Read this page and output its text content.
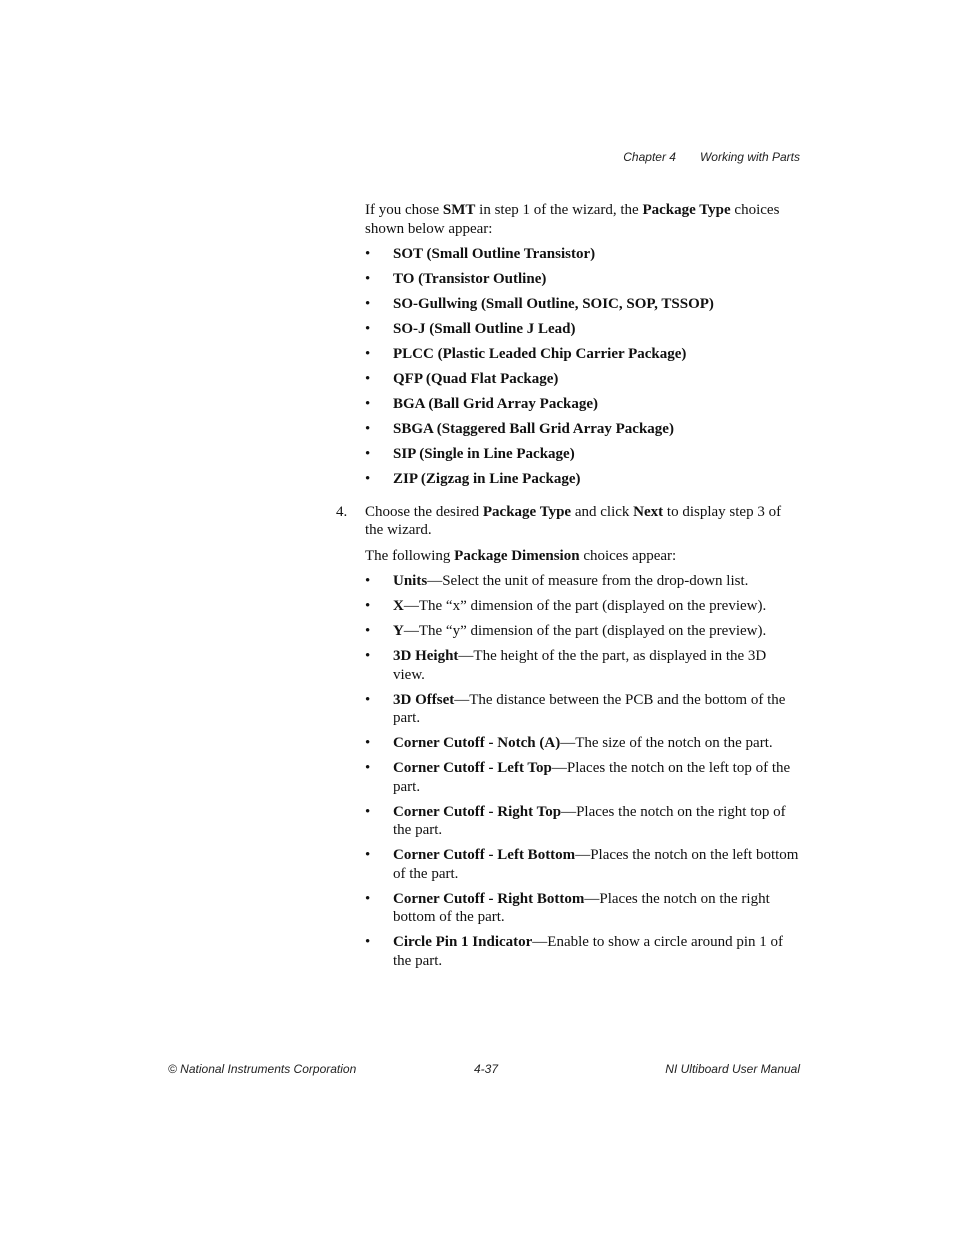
Chapter 4 Working with Parts

If you chose SMT in step 1 of the wizard, the Package Type choices shown below appear:

• SOT (Small Outline Transistor)
• TO (Transistor Outline)
• SO-Gullwing (Small Outline, SOIC, SOP, TSSOP)
• SO-J (Small Outline J Lead)
• PLCC (Plastic Leaded Chip Carrier Package)
• QFP (Quad Flat Package)
• BGA (Ball Grid Array Package)
• SBGA (Staggered Ball Grid Array Package)
• SIP (Single in Line Package)
• ZIP (Zigzag in Line Package)
4. Choose the desired Package Type and click Next to display step 3 of the wizard.

The following Package Dimension choices appear:

• Units—Select the unit of measure from the drop-down list.
• X—The “x” dimension of the part (displayed on the preview).
• Y—The “y” dimension of the part (displayed on the preview).
• 3D Height—The height of the the part, as displayed in the 3D view.
• 3D Offset—The distance between the PCB and the bottom of the part.
• Corner Cutoff - Notch (A)—The size of the notch on the part.
• Corner Cutoff - Left Top—Places the notch on the left top of the part.
• Corner Cutoff - Right Top—Places the notch on the right top of the part.
• Corner Cutoff - Left Bottom—Places the notch on the left bottom of the part.
• Corner Cutoff - Right Bottom—Places the notch on the right bottom of the part.
• Circle Pin 1 Indicator—Enable to show a circle around pin 1 of the part.
© National Instruments Corporation	4-37	NI Ultiboard User Manual
